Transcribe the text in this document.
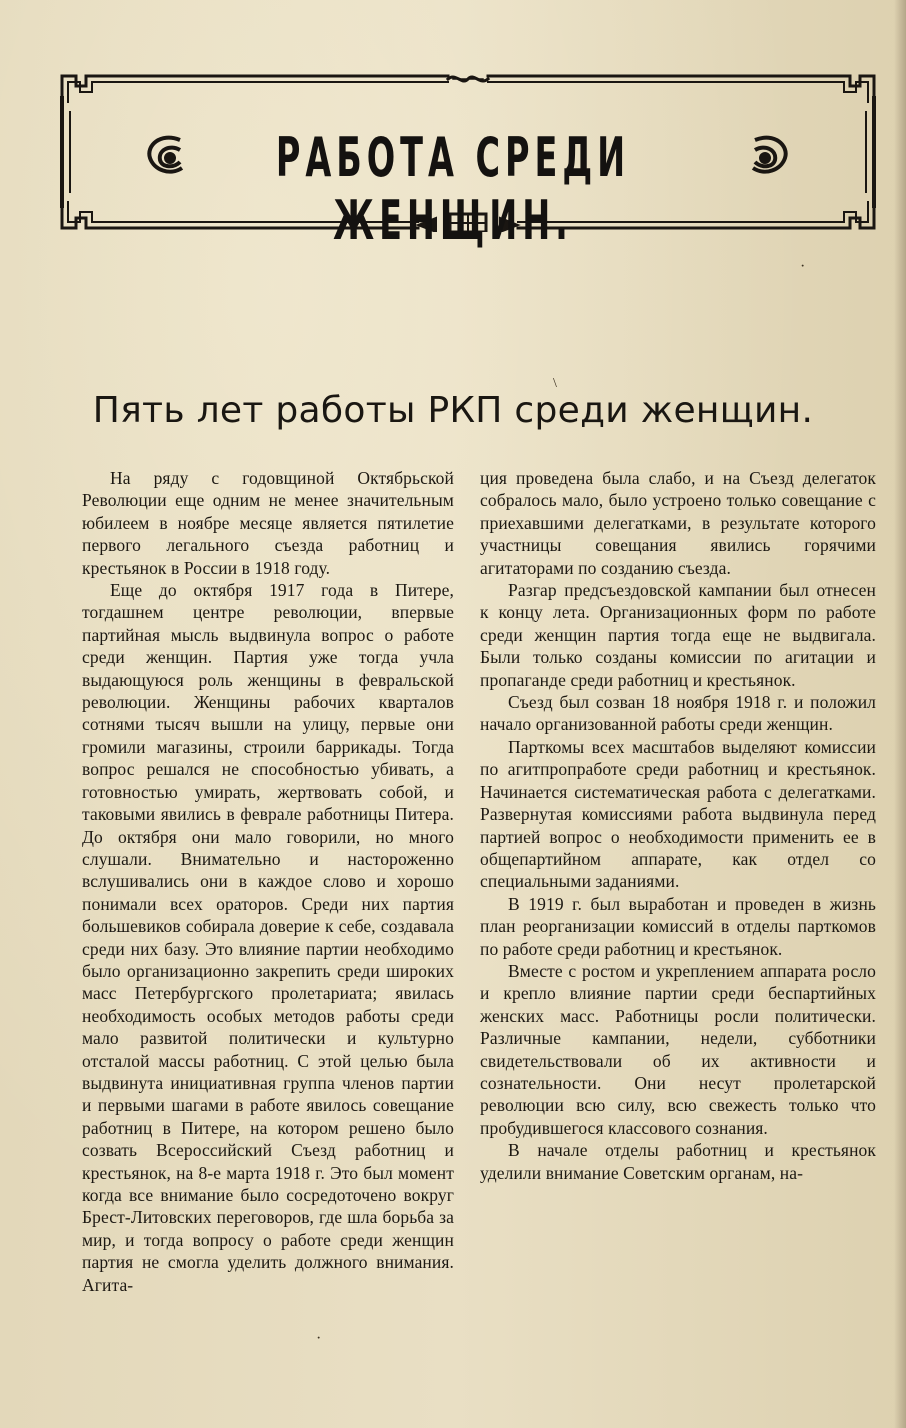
РАБОТА СРЕДИ ЖЕНЩИН.
·
\
Пять лет работы РКП среди женщин.

На ряду с годовщиной Октябрьской Революции еще одним не менее значительным юбилеем в ноябре месяце является пятилетие первого легального съезда работниц и крестьянок в России в 1918 году.

Еще до октября 1917 года в Питере, тогдашнем центре революции, впервые партийная мысль выдвинула вопрос о работе среди женщин. Партия уже тогда учла выдающуюся роль женщины в февральской революции. Женщины рабочих кварталов сотнями тысяч вышли на улицу, первые они громили магазины, строили баррикады. Тогда вопрос решался не способностью убивать, а готовностью умирать, жертвовать собой, и таковыми явились в феврале работницы Питера. До октября они мало говорили, но много слушали. Внимательно и настороженно вслушивались они в каждое слово и хорошо понимали всех ораторов. Среди них партия большевиков собирала доверие к себе, создавала среди них базу. Это влияние партии необходимо было организационно закрепить среди широких масс Петербургского пролетариата; явилась необходимость особых методов работы среди мало развитой политически и культурно отсталой массы работниц. С этой целью была выдвинута инициативная группа членов партии и первыми шагами в работе явилось совещание работниц в Питере, на котором решено было созвать Всероссийский Съезд работниц и крестьянок, на 8-е марта 1918 г. Это был момент когда все внимание было сосредоточено вокруг Брест-Литовских переговоров, где шла борьба за мир, и тогда вопросу о работе среди женщин партия не смогла уделить должного внимания. Агита-

ция проведена была слабо, и на Съезд делегаток собралось мало, было устроено только совещание с приехавшими делегатками, в результате которого участницы совещания явились горячими агитаторами по созданию съезда.

Разгар предсъездовской кампании был отнесен к концу лета. Организационных форм по работе среди женщин партия тогда еще не выдвигала. Были только созданы комиссии по агитации и пропаганде среди работниц и крестьянок.

Съезд был созван 18 ноября 1918 г. и положил начало организованной работы среди женщин.

Парткомы всех масштабов выделяют комиссии по агитпропработе среди работниц и крестьянок. Начинается систематическая работа с делегатками. Развернутая комиссиями работа выдвинула перед партией вопрос о необходимости применить ее в общепартийном аппарате, как отдел со специальными заданиями.

В 1919 г. был выработан и проведен в жизнь план реорганизации комиссий в отделы парткомов по работе среди работниц и крестьянок.

Вместе с ростом и укреплением аппарата росло и крепло влияние партии среди беспартийных женских масс. Работницы росли политически. Различные кампании, недели, субботники свидетельствовали об их активности и сознательности. Они несут пролетарской революции всю силу, всю свежесть только что пробудившегося классового сознания.

В начале отделы работниц и крестьянок уделили внимание Советским органам, на-

·
